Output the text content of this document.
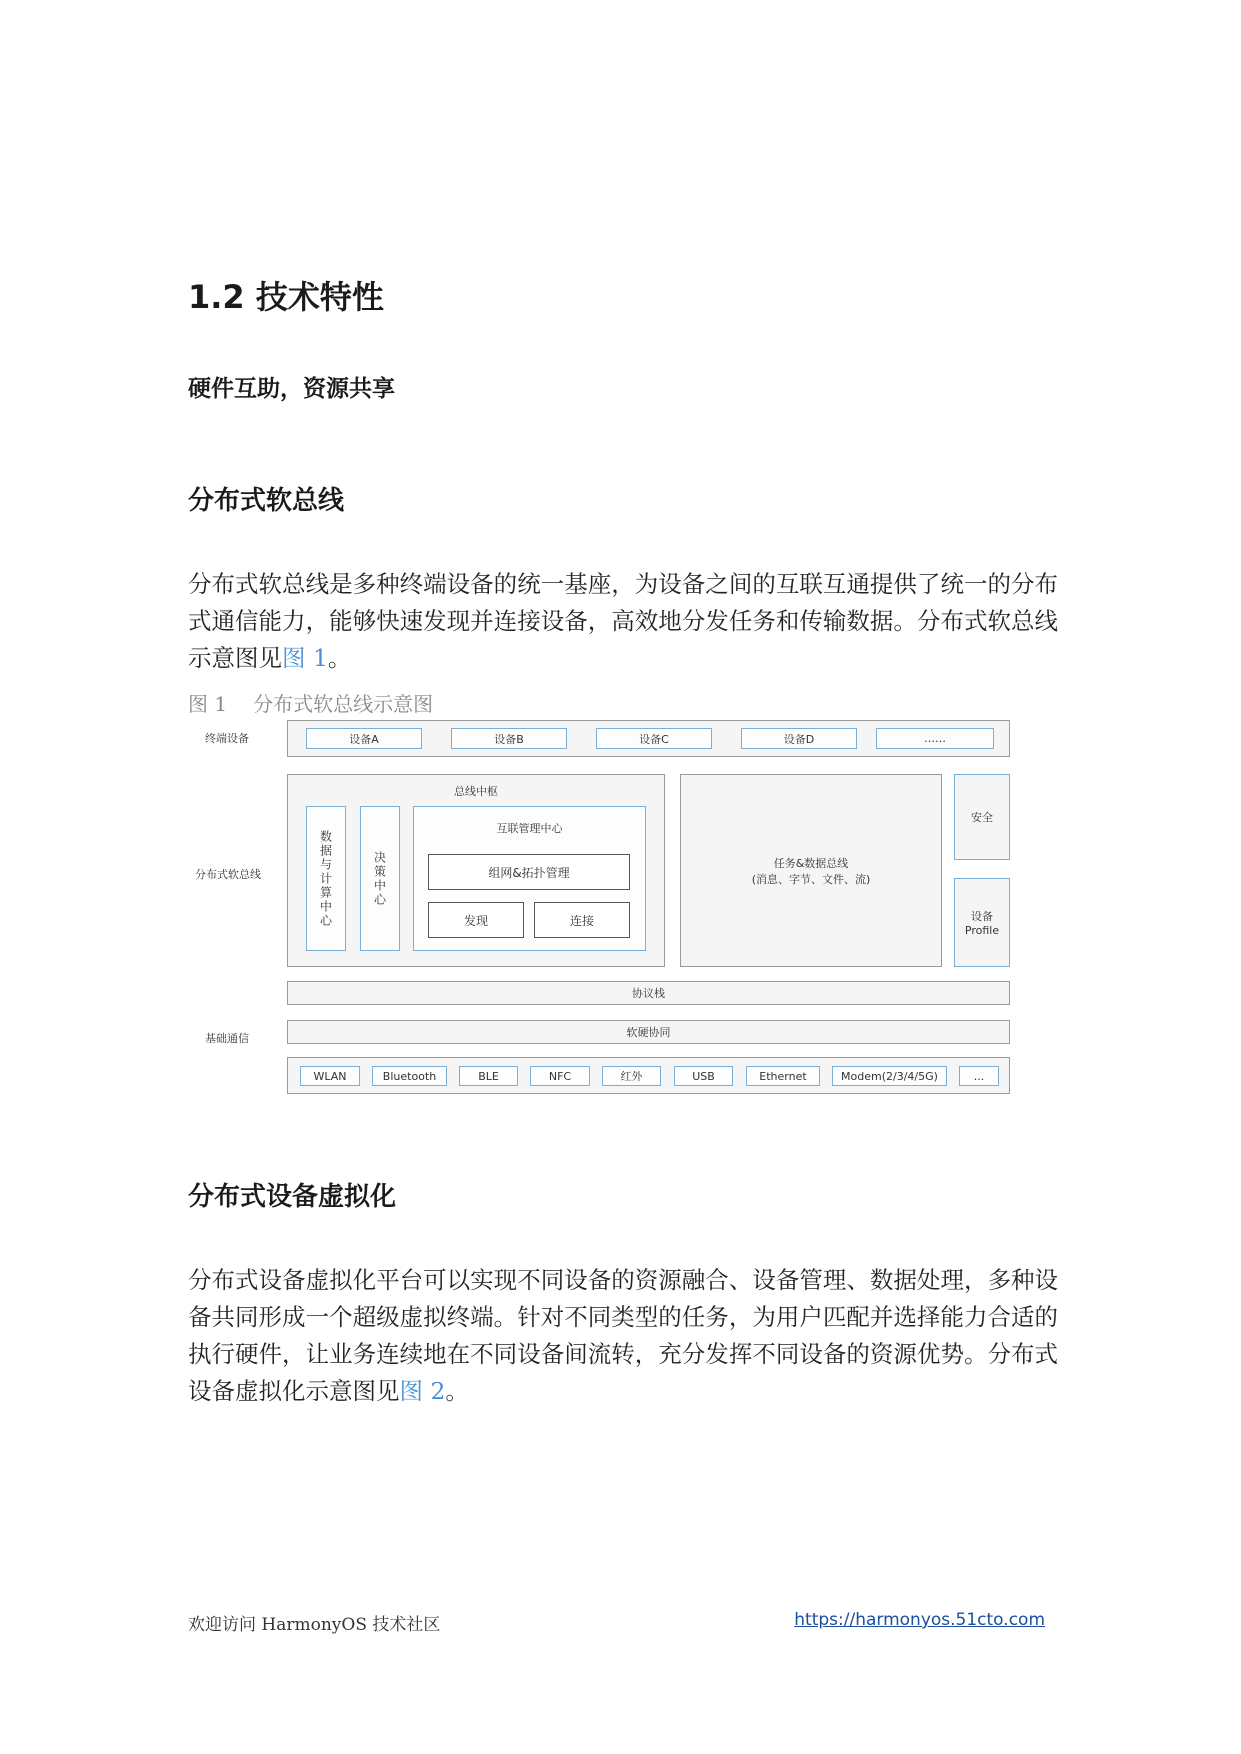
1.2 技术特性
硬件互助，资源共享
分布式软总线

分布式软总线是多种终端设备的统一基座，为设备之间的互联互通提供了统一的分布式通信能力，能够快速发现并连接设备，高效地分发任务和传输数据。分布式软总线示意图见图 1。

图 1 分布式软总线示意图

终端设备
分布式软总线
基础通信
设备A	设备B	设备C	设备D	……
总线中枢
数据与计算中心	决策中心
互联管理中心
组网&拓扑管理
发现	连接
任务&数据总线
(消息、字节、文件、流)
安全
设备 Profile
协议栈
软硬协同
WLAN	Bluetooth	BLE	NFC	红外	USB	Ethernet	Modem(2/3/4/5G)	...
分布式设备虚拟化

分布式设备虚拟化平台可以实现不同设备的资源融合、设备管理、数据处理，多种设备共同形成一个超级虚拟终端。针对不同类型的任务，为用户匹配并选择能力合适的执行硬件，让业务连续地在不同设备间流转，充分发挥不同设备的资源优势。分布式设备虚拟化示意图见图 2。

欢迎访问 HarmonyOS 技术社区	https://harmonyos.51cto.com
